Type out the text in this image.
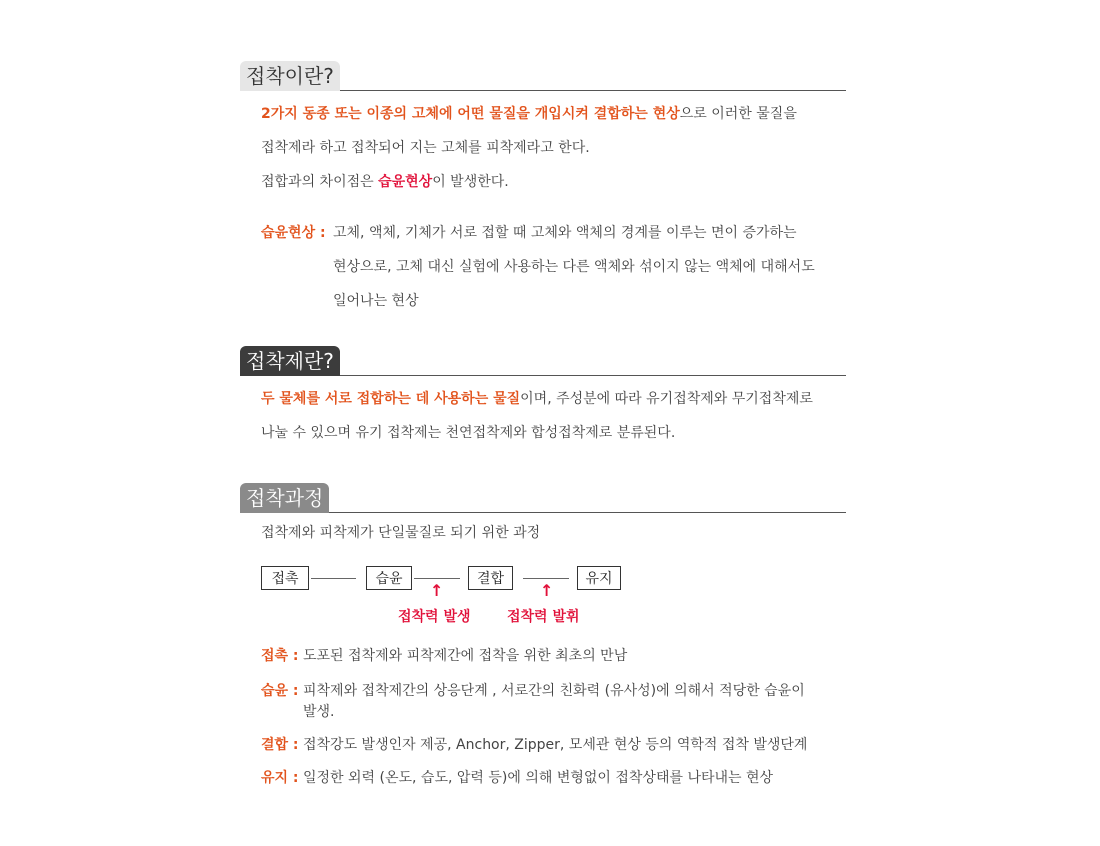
접착이란?
2가지 동종 또는 이종의 고체에 어떤 물질을 개입시켜 결합하는 현상으로 이러한 물질을
접착제라 하고 접착되어 지는 고체를 피착제라고 한다.
접합과의 차이점은 습윤현상이 발생한다.
습윤현상 : 고체, 액체, 기체가 서로 접할 때 고체와 액체의 경계를 이루는 면이 증가하는
현상으로, 고체 대신 실험에 사용하는 다른 액체와 섞이지 않는 액체에 대해서도
일어나는 현상
접착제란?
두 물체를 서로 접합하는 데 사용하는 물질이며, 주성분에 따라 유기접착제와 무기접착제로
나눌 수 있으며 유기 접착제는 천연접착제와 합성접착제로 분류된다.
접착과정
접착제와 피착제가 단일물질로 되기 위한 과정
접촉	습윤	결합	유지
↑	↑
접착력 발생	접착력 발휘
접촉 : 도포된 접착제와 피착제간에 접착을 위한 최초의 만남
습윤 : 피착제와 접착제간의 상응단계 , 서로간의 친화력 (유사성)에 의해서 적당한 습윤이
발생.
결합 : 접착강도 발생인자 제공, Anchor, Zipper, 모세관 현상 등의 역학적 접착 발생단계
유지 : 일정한 외력 (온도, 습도, 압력 등)에 의해 변형없이 접착상태를 나타내는 현상
